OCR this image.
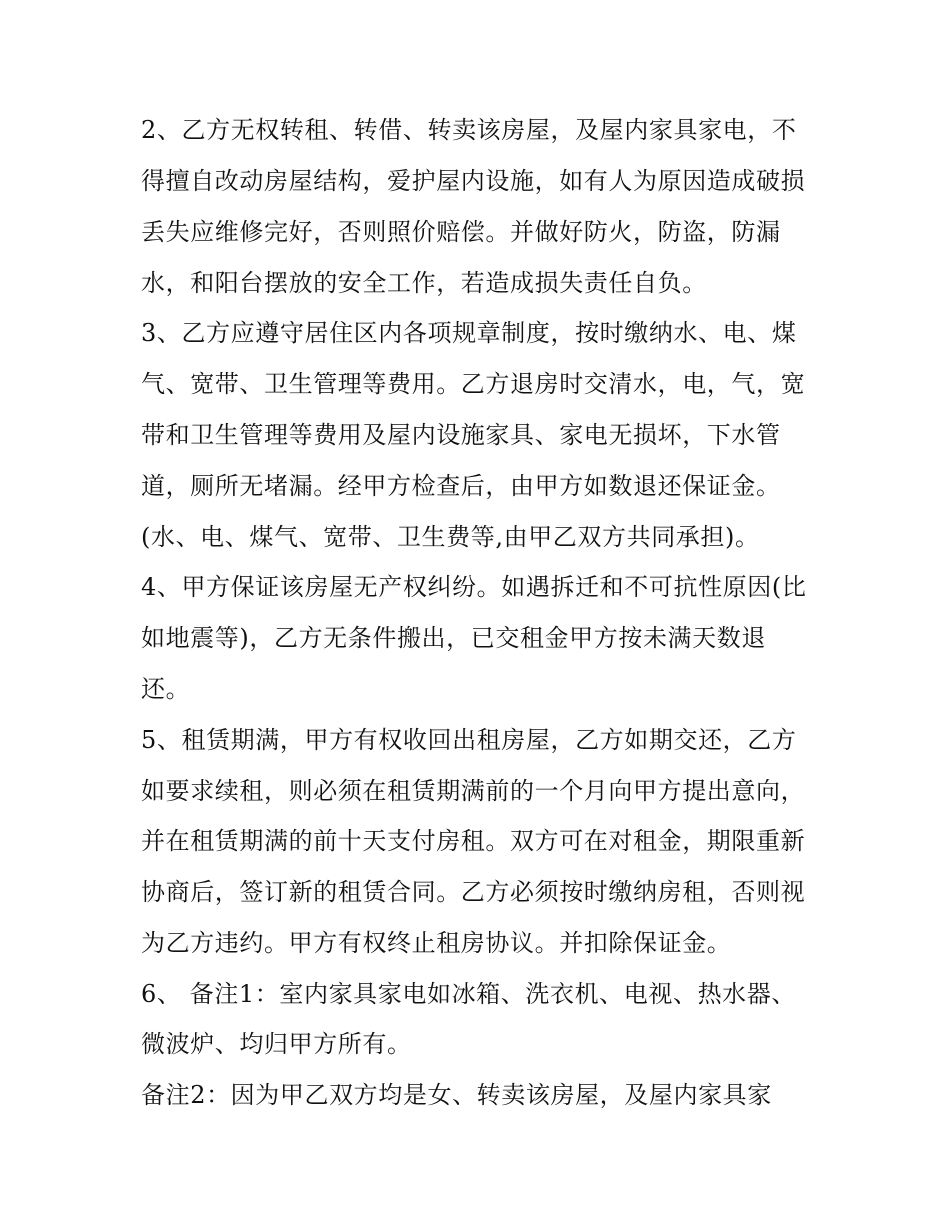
2、乙方无权转租、转借、转卖该房屋，及屋内家具家电，不
得擅自改动房屋结构，爱护屋内设施，如有人为原因造成破损
丢失应维修完好，否则照价赔偿。并做好防火，防盗，防漏
水，和阳台摆放的安全工作，若造成损失责任自负。
3、乙方应遵守居住区内各项规章制度，按时缴纳水、电、煤
气、宽带、卫生管理等费用。乙方退房时交清水，电，气，宽
带和卫生管理等费用及屋内设施家具、家电无损坏，下水管
道，厕所无堵漏。经甲方检查后，由甲方如数退还保证金。
(水、电、煤气、宽带、卫生费等,由甲乙双方共同承担)。
4、甲方保证该房屋无产权纠纷。如遇拆迁和不可抗性原因(比
如地震等)，乙方无条件搬出，已交租金甲方按未满天数退
还。
5、租赁期满，甲方有权收回出租房屋，乙方如期交还，乙方
如要求续租，则必须在租赁期满前的一个月向甲方提出意向，
并在租赁期满的前十天支付房租。双方可在对租金，期限重新
协商后，签订新的租赁合同。乙方必须按时缴纳房租，否则视
为乙方违约。甲方有权终止租房协议。并扣除保证金。
6、 备注1：室内家具家电如冰箱、洗衣机、电视、热水器、
微波炉、均归甲方所有。
备注2：因为甲乙双方均是女、转卖该房屋，及屋内家具家
